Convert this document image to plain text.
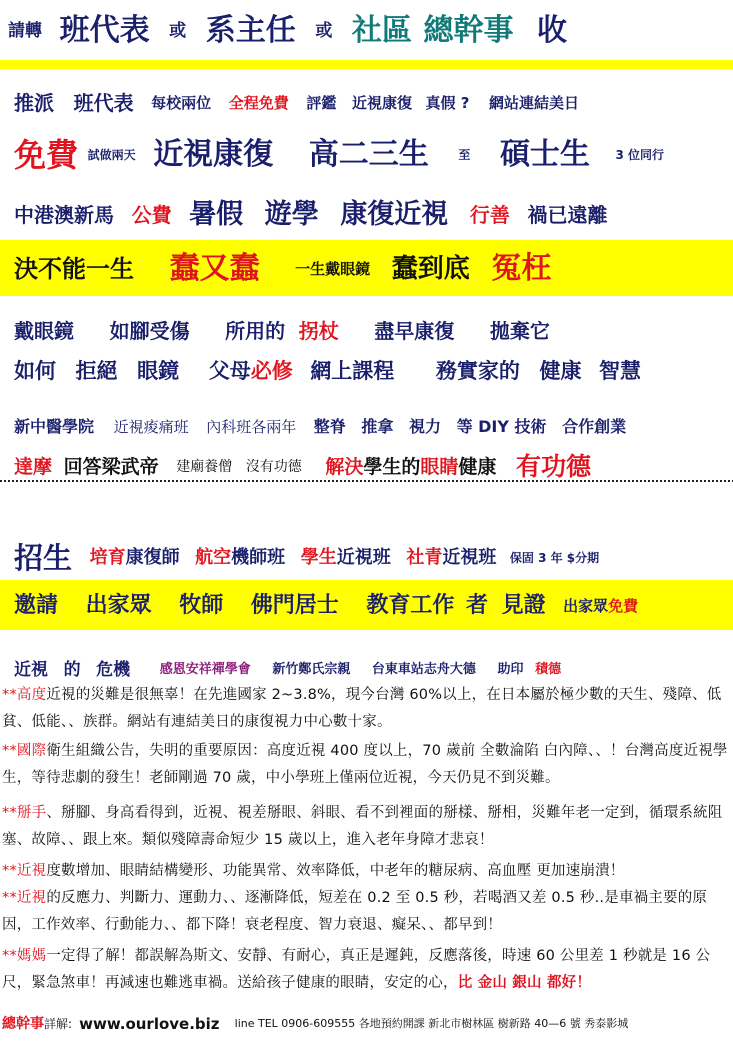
請轉 班代表 或 系主任 或 社區 總幹事 收
推派 班代表 每校兩位 全程免費 評鑑 近視康復 真假 ? 網站連結美日
免費 試做兩天 近視康復 高二三生 至 碩士生 3 位同行
中港澳新馬 公費 暑假 遊學 康復近視 行善 禍已遠離
決不能一生 蠢又蠢 一生戴眼鏡 蠢到底 冤枉
戴眼鏡 如腳受傷 所用的 拐杖 盡早康復 拋棄它
如何 拒絕 眼鏡 父母必修 網上課程 務實家的 健康 智慧
新中醫學院 近視痠痛班 內科班各兩年 整脊 推拿 視力 等 DIY 技術 合作創業
達摩 回答梁武帝 建廟養僧 沒有功德 解決學生的眼睛健康 有功德
招生 培育康復師 航空機師班 學生近視班 社青近視班 保固 3 年 $分期
邀請 出家眾 牧師 佛門居士 教育工作 者 見證 出家眾免費
近視 的 危機 感恩安祥禪學會 新竹鄭氏宗親 台東車站志舟大德 助印 積德
**高度近視的災難是很無辜！在先進國家 2~3.8%，現今台灣 60%以上，在日本屬於極少數的天生、殘障、低貧、低能、、族群。網站有連結美日的康復視力中心數十家。
**國際衛生組織公告，失明的重要原因：高度近視 400 度以上，70 歲前 全數淪陷 白內障、、！台灣高度近視學生，等待悲劇的發生！老師剛過 70 歲，中小學班上僅兩位近視，今天仍見不到災難。
**掰手、掰腳、身高看得到，近視、視差掰眼、斜眼、看不到裡面的掰樣、掰相，災難年老一定到，循環系統阻塞、故障、、跟上來。類似殘障壽命短少 15 歲以上，進入老年身障才悲哀！
**近視度數增加、眼睛結構變形、功能異常、效率降低，中老年的糖尿病、高血壓 更加速崩潰！
**近視的反應力、判斷力、運動力、、逐漸降低，短差在 0.2 至 0.5 秒，若喝酒又差 0.5 秒..是車禍主要的原因，工作效率、行動能力、、都下降！衰老程度、智力衰退、癡呆、、都早到！
**媽媽一定得了解！都誤解為斯文、安靜、有耐心，真正是遲鈍，反應落後，時速 60 公里差 1 秒就是 16 公尺，緊急煞車！再減速也難逃車禍。送給孩子健康的眼睛，安定的心，比 金山 銀山 都好！
總幹事詳解: www.ourlove.biz line TEL 0906-609555 各地預約開課 新北市樹林區 樹新路 40—6 號 秀泰影城
